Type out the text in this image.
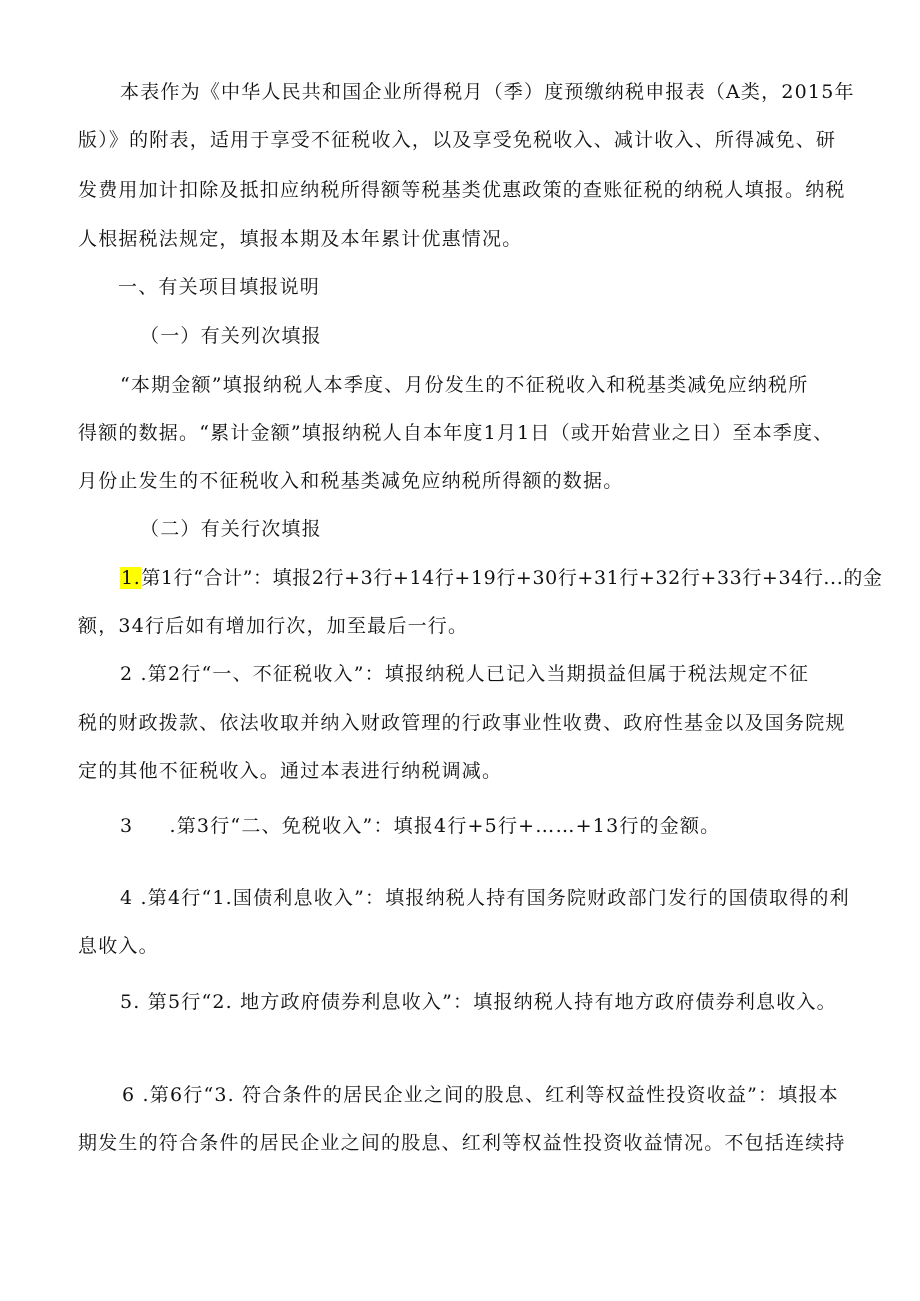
本表作为《中华人民共和国企业所得税月（季）度预缴纳税申报表（A类，2015年
版）》的附表，适用于享受不征税收入，以及享受免税收入、减计收入、所得减免、研
发费用加计扣除及抵扣应纳税所得额等税基类优惠政策的查账征税的纳税人填报。纳税
人根据税法规定，填报本期及本年累计优惠情况。
一、有关项目填报说明
（一）有关列次填报
“本期金额”填报纳税人本季度、月份发生的不征税收入和税基类减免应纳税所
得额的数据。“累计金额”填报纳税人自本年度1月1日（或开始营业之日）至本季度、
月份止发生的不征税收入和税基类减免应纳税所得额的数据。
（二）有关行次填报
1.第1行“合计”：填报2行+3行+14行+19行+30行+31行+32行+33行+34行...的金
额，34行后如有增加行次，加至最后一行。
2 .第2行“一、不征税收入”：填报纳税人已记入当期损益但属于税法规定不征
税的财政拨款、依法收取并纳入财政管理的行政事业性收费、政府性基金以及国务院规
定的其他不征税收入。通过本表进行纳税调减。
3     .第3行“二、免税收入”：填报4行+5行+……+13行的金额。
4 .第4行“1.国债利息收入”：填报纳税人持有国务院财政部门发行的国债取得的利
息收入。
5. 第5行“2. 地方政府债券利息收入”：填报纳税人持有地方政府债券利息收入。
6 .第6行“3. 符合条件的居民企业之间的股息、红利等权益性投资收益”：填报本
期发生的符合条件的居民企业之间的股息、红利等权益性投资收益情况。不包括连续持
